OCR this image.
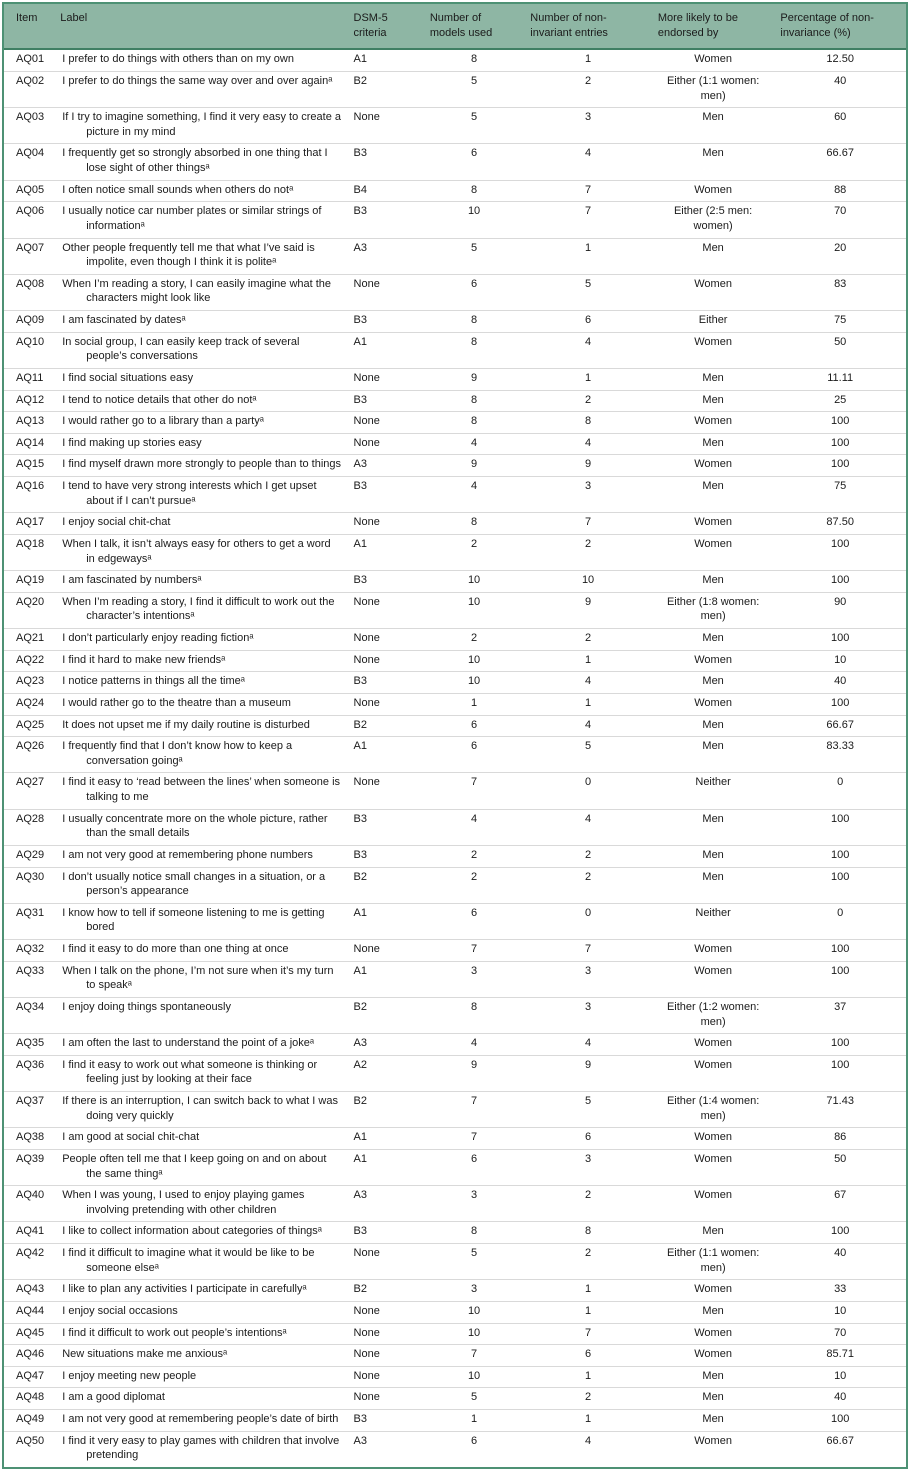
Item	Label	DSM-5 criteria	Number of models used	Number of non-invariant entries	More likely to be endorsed by	Percentage of non-invariance (%)
AQ01	I prefer to do things with others than on my own	A1	8	1	Women	12.50
AQ02	I prefer to do things the same way over and over againᵃ	B2	5	2	Either (1:1 women: men)	40
AQ03	If I try to imagine something, I find it very easy to create a picture in my mind	None	5	3	Men	60
AQ04	I frequently get so strongly absorbed in one thing that I lose sight of other thingsᵃ	B3	6	4	Men	66.67
AQ05	I often notice small sounds when others do notᵃ	B4	8	7	Women	88
AQ06	I usually notice car number plates or similar strings of informationᵃ	B3	10	7	Either (2:5 men: women)	70
AQ07	Other people frequently tell me that what I’ve said is impolite, even though I think it is politeᵃ	A3	5	1	Men	20
AQ08	When I’m reading a story, I can easily imagine what the characters might look like	None	6	5	Women	83
AQ09	I am fascinated by datesᵃ	B3	8	6	Either	75
AQ10	In social group, I can easily keep track of several people’s conversations	A1	8	4	Women	50
AQ11	I find social situations easy	None	9	1	Men	11.11
AQ12	I tend to notice details that other do notᵃ	B3	8	2	Men	25
AQ13	I would rather go to a library than a partyᵃ	None	8	8	Women	100
AQ14	I find making up stories easy	None	4	4	Men	100
AQ15	I find myself drawn more strongly to people than to things	A3	9	9	Women	100
AQ16	I tend to have very strong interests which I get upset about if I can’t pursueᵃ	B3	4	3	Men	75
AQ17	I enjoy social chit-chat	None	8	7	Women	87.50
AQ18	When I talk, it isn’t always easy for others to get a word in edgewaysᵃ	A1	2	2	Women	100
AQ19	I am fascinated by numbersᵃ	B3	10	10	Men	100
AQ20	When I’m reading a story, I find it difficult to work out the character’s intentionsᵃ	None	10	9	Either (1:8 women: men)	90
AQ21	I don’t particularly enjoy reading fictionᵃ	None	2	2	Men	100
AQ22	I find it hard to make new friendsᵃ	None	10	1	Women	10
AQ23	I notice patterns in things all the timeᵃ	B3	10	4	Men	40
AQ24	I would rather go to the theatre than a museum	None	1	1	Women	100
AQ25	It does not upset me if my daily routine is disturbed	B2	6	4	Men	66.67
AQ26	I frequently find that I don’t know how to keep a conversation goingᵃ	A1	6	5	Men	83.33
AQ27	I find it easy to ‘read between the lines’ when someone is talking to me	None	7	0	Neither	0
AQ28	I usually concentrate more on the whole picture, rather than the small details	B3	4	4	Men	100
AQ29	I am not very good at remembering phone numbers	B3	2	2	Men	100
AQ30	I don’t usually notice small changes in a situation, or a person’s appearance	B2	2	2	Men	100
AQ31	I know how to tell if someone listening to me is getting bored	A1	6	0	Neither	0
AQ32	I find it easy to do more than one thing at once	None	7	7	Women	100
AQ33	When I talk on the phone, I’m not sure when it’s my turn to speakᵃ	A1	3	3	Women	100
AQ34	I enjoy doing things spontaneously	B2	8	3	Either (1:2 women: men)	37
AQ35	I am often the last to understand the point of a jokeᵃ	A3	4	4	Women	100
AQ36	I find it easy to work out what someone is thinking or feeling just by looking at their face	A2	9	9	Women	100
AQ37	If there is an interruption, I can switch back to what I was doing very quickly	B2	7	5	Either (1:4 women: men)	71.43
AQ38	I am good at social chit-chat	A1	7	6	Women	86
AQ39	People often tell me that I keep going on and on about the same thingᵃ	A1	6	3	Women	50
AQ40	When I was young, I used to enjoy playing games involving pretending with other children	A3	3	2	Women	67
AQ41	I like to collect information about categories of thingsᵃ	B3	8	8	Men	100
AQ42	I find it difficult to imagine what it would be like to be someone elseᵃ	None	5	2	Either (1:1 women: men)	40
AQ43	I like to plan any activities I participate in carefullyᵃ	B2	3	1	Women	33
AQ44	I enjoy social occasions	None	10	1	Men	10
AQ45	I find it difficult to work out people’s intentionsᵃ	None	10	7	Women	70
AQ46	New situations make me anxiousᵃ	None	7	6	Women	85.71
AQ47	I enjoy meeting new people	None	10	1	Men	10
AQ48	I am a good diplomat	None	5	2	Men	40
AQ49	I am not very good at remembering people’s date of birth	B3	1	1	Men	100
AQ50	I find it very easy to play games with children that involve pretending	A3	6	4	Women	66.67
